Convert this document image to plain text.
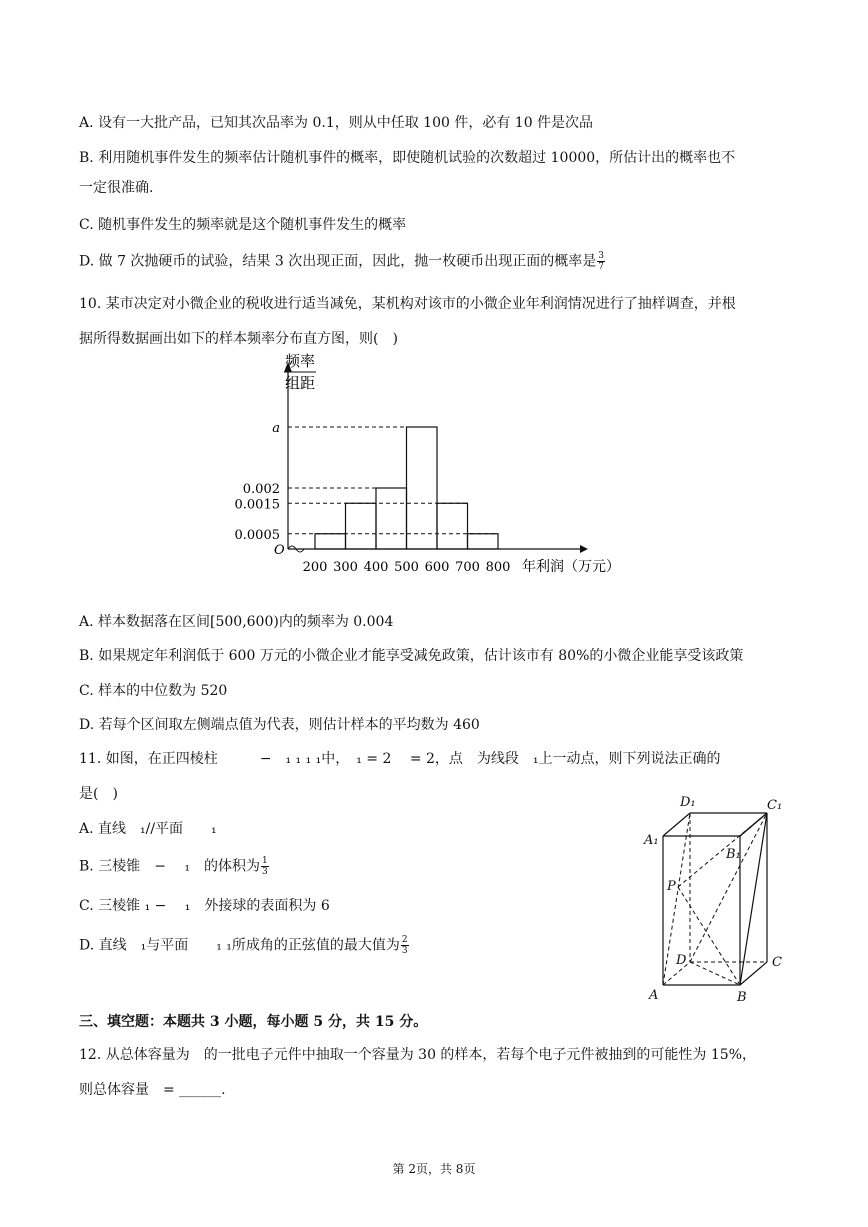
A. 设有一大批产品，已知其次品率为 0.1，则从中任取 100 件，必有 10 件是次品
B. 利用随机事件发生的频率估计随机事件的概率，即使随机试验的次数超过 10000，所估计出的概率也不
一定很准确.
C. 随机事件发生的频率就是这个随机事件发生的概率
D. 做 7 次抛硬币的试验，结果 3 次出现正面，因此，抛一枚硬币出现正面的概率是 $\frac{3}{7}$
10. 某市决定对小微企业的税收进行适当减免，某机构对该市的小微企业年利润情况进行了抽样调查，并根
据所得数据画出如下的样本频率分布直方图，则(　)
频率
组距
O
a
0.002
0.0015
0.0005
200 300 400 500 600 700 800 年利润（万元）
A. 样本数据落在区间[500,600)内的频率为 0.004
B. 如果规定年利润低于 600 万元的小微企业才能享受减免政策，估计该市有 80%的小微企业能享受该政策
C. 样本的中位数为 520
D. 若每个区间取左侧端点值为代表，则估计样本的平均数为 460
11. 如图，在正四棱柱　　　−　₁ ₁ ₁ ₁中，　₁ = 2　 = 2，点　为线段　₁上一动点，则下列说法正确的
是(　)
A. 直线　₁//平面　　₁
B. 三棱锥　−　 ₁　的体积为 $\frac{1}{3}$
C. 三棱锥 ₁ −　 ₁　外接球的表面积为 6
D. 直线　₁与平面　　₁ ₁所成角的正弦值的最大值为 $\frac{2}{3}$
D₁	C₁
A₁
B₁
P
D	C
A	B
三、填空题：本题共 3 小题，每小题 5 分，共 15 分。
12. 从总体容量为　的一批电子元件中抽取一个容量为 30 的样本，若每个电子元件被抽到的可能性为 15%，
则总体容量　= ______.
第 2页，共 8页
